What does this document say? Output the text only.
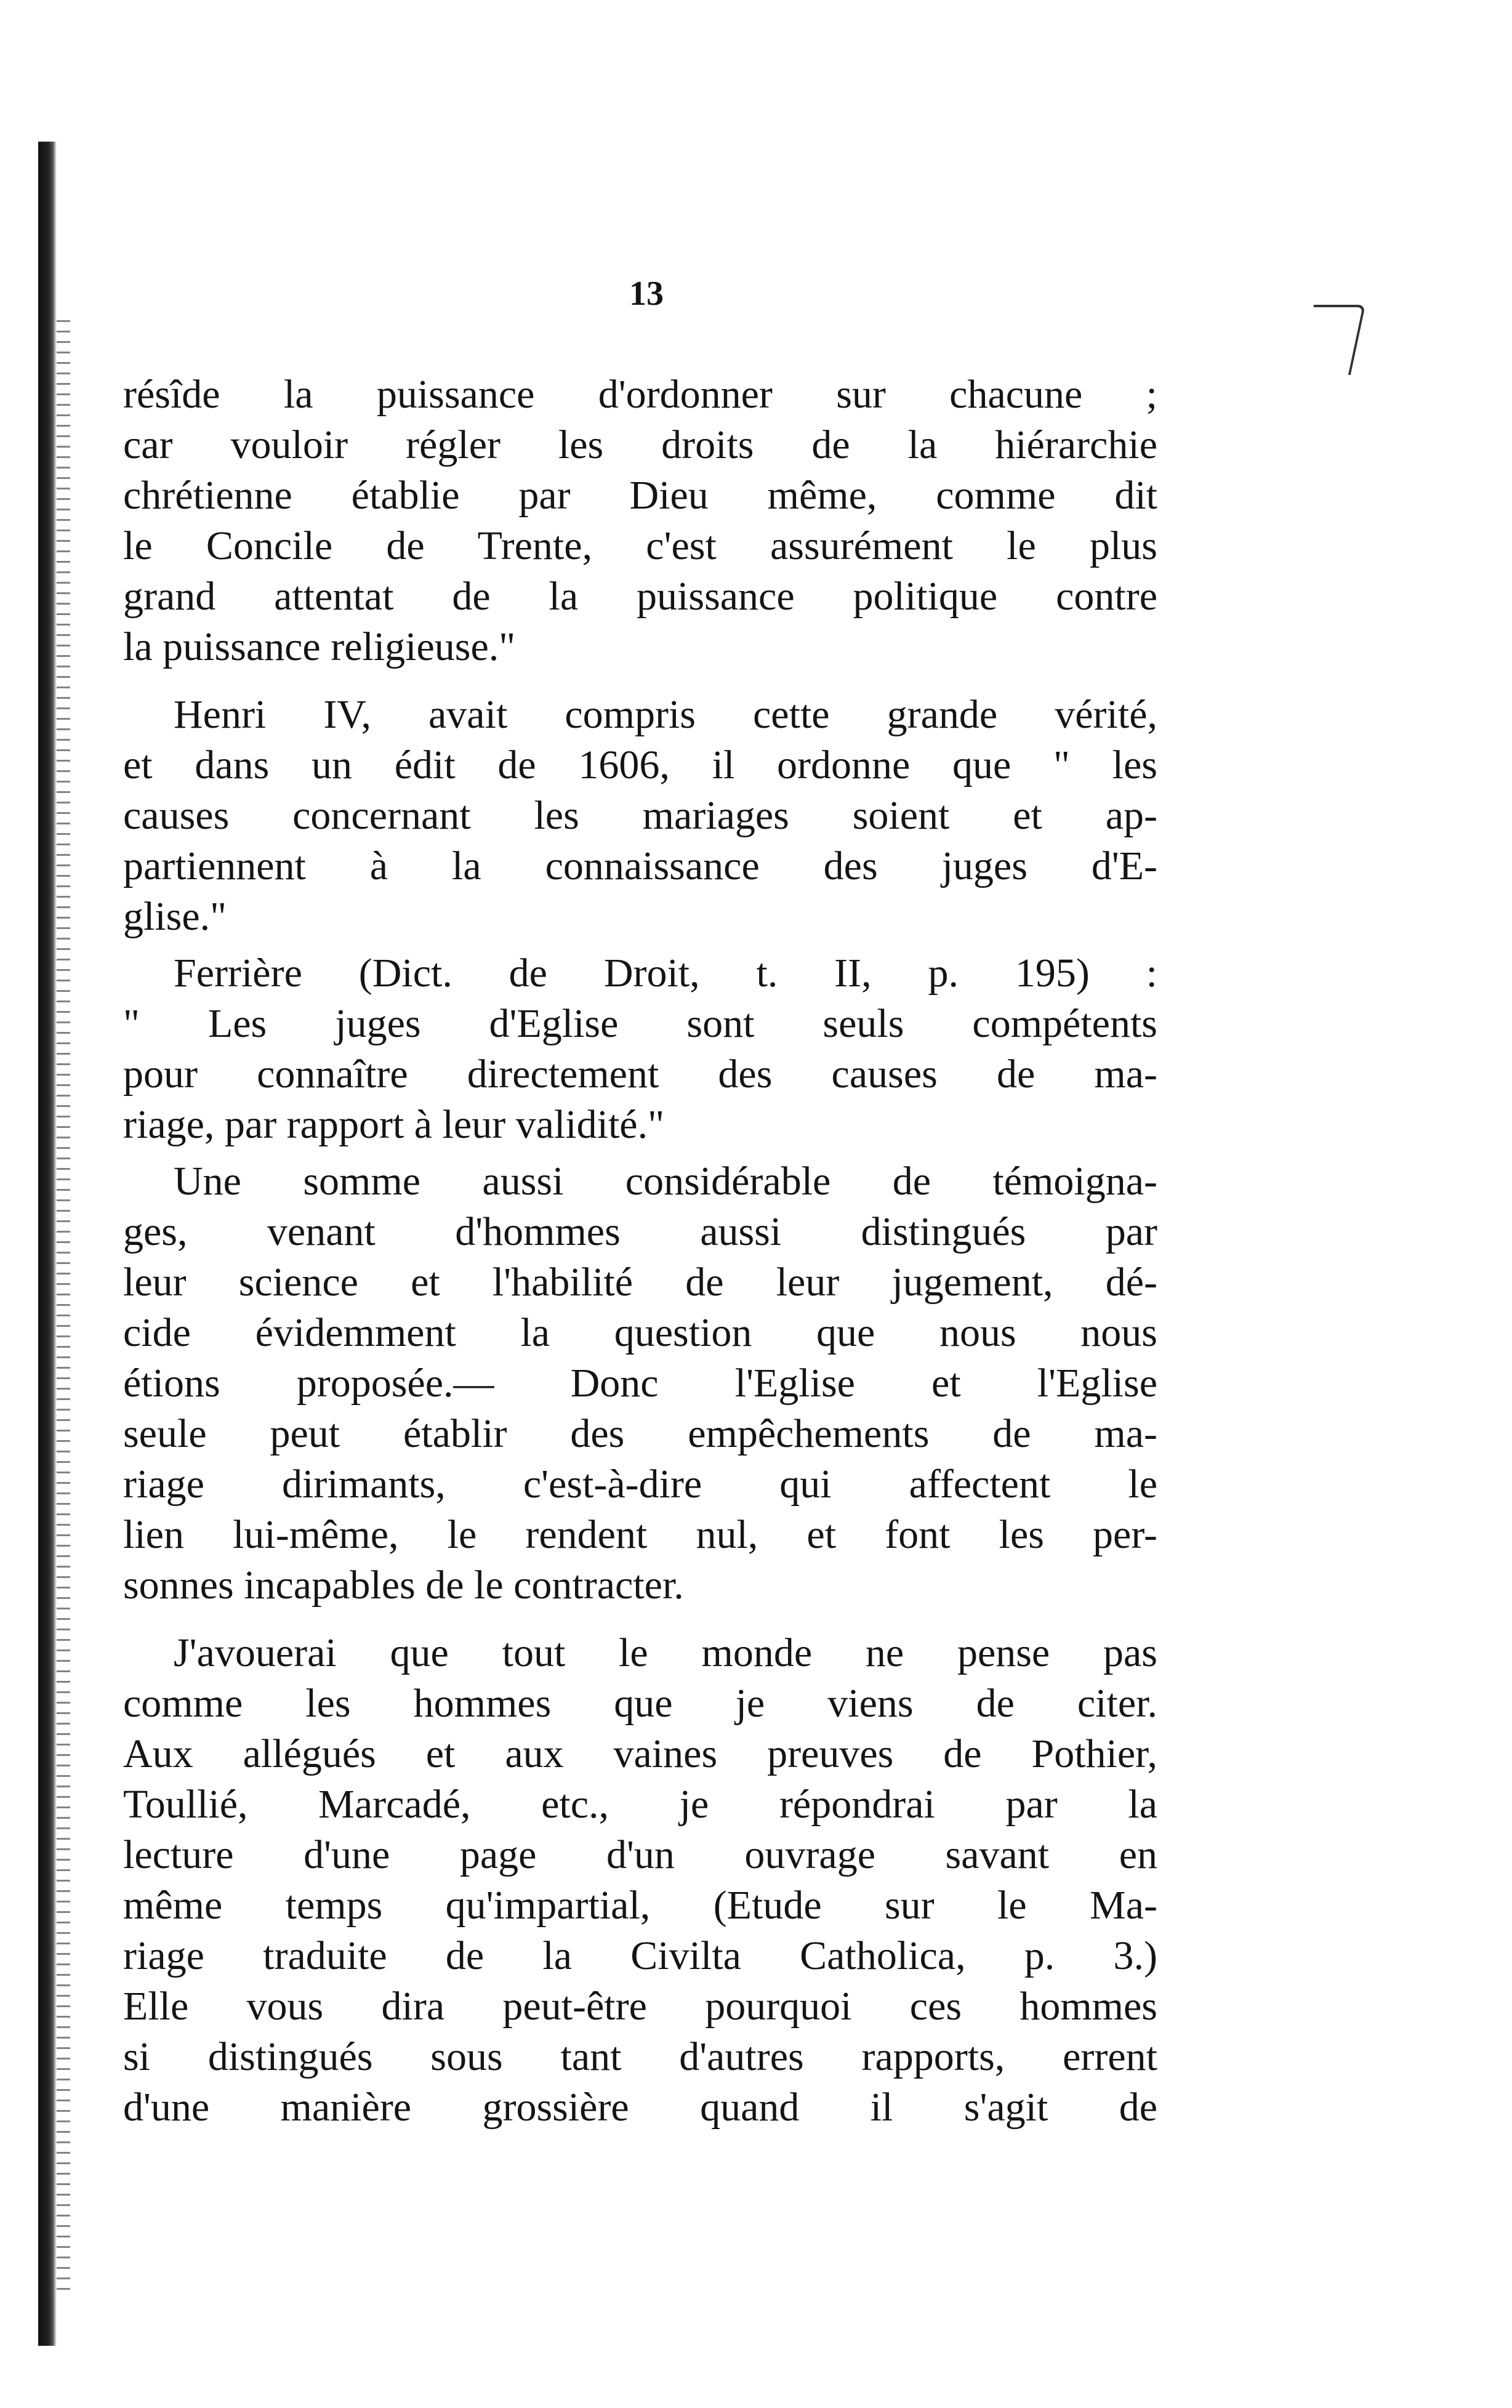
13

résîde la puissance d'ordonner sur chacune ;
car vouloir régler les droits de la hiérarchie
chrétienne établie par Dieu même, comme dit
le Concile de Trente, c'est assurément le plus
grand attentat de la puissance politique contre
la puissance religieuse."

Henri IV, avait compris cette grande vérité,
et dans un édit de 1606, il ordonne que " les
causes concernant les mariages soient et ap-
partiennent à la connaissance des juges d'E-
glise."

Ferrière (Dict. de Droit, t. II, p. 195) :
" Les juges d'Eglise sont seuls compétents
pour connaître directement des causes de ma-
riage, par rapport à leur validité."

Une somme aussi considérable de témoigna-
ges, venant d'hommes aussi distingués par
leur science et l'habilité de leur jugement, dé-
cide évidemment la question que nous nous
étions proposée.— Donc l'Eglise et l'Eglise
seule peut établir des empêchements de ma-
riage dirimants, c'est-à-dire qui affectent le
lien lui-même, le rendent nul, et font les per-
sonnes incapables de le contracter.

J'avouerai que tout le monde ne pense pas
comme les hommes que je viens de citer.
Aux allégués et aux vaines preuves de Pothier,
Toullié, Marcadé, etc., je répondrai par la
lecture d'une page d'un ouvrage savant en
même temps qu'impartial, (Etude sur le Ma-
riage traduite de la Civilta Catholica, p. 3.)
Elle vous dira peut-être pourquoi ces hommes
si distingués sous tant d'autres rapports, errent
d'une manière grossière quand il s'agit de
